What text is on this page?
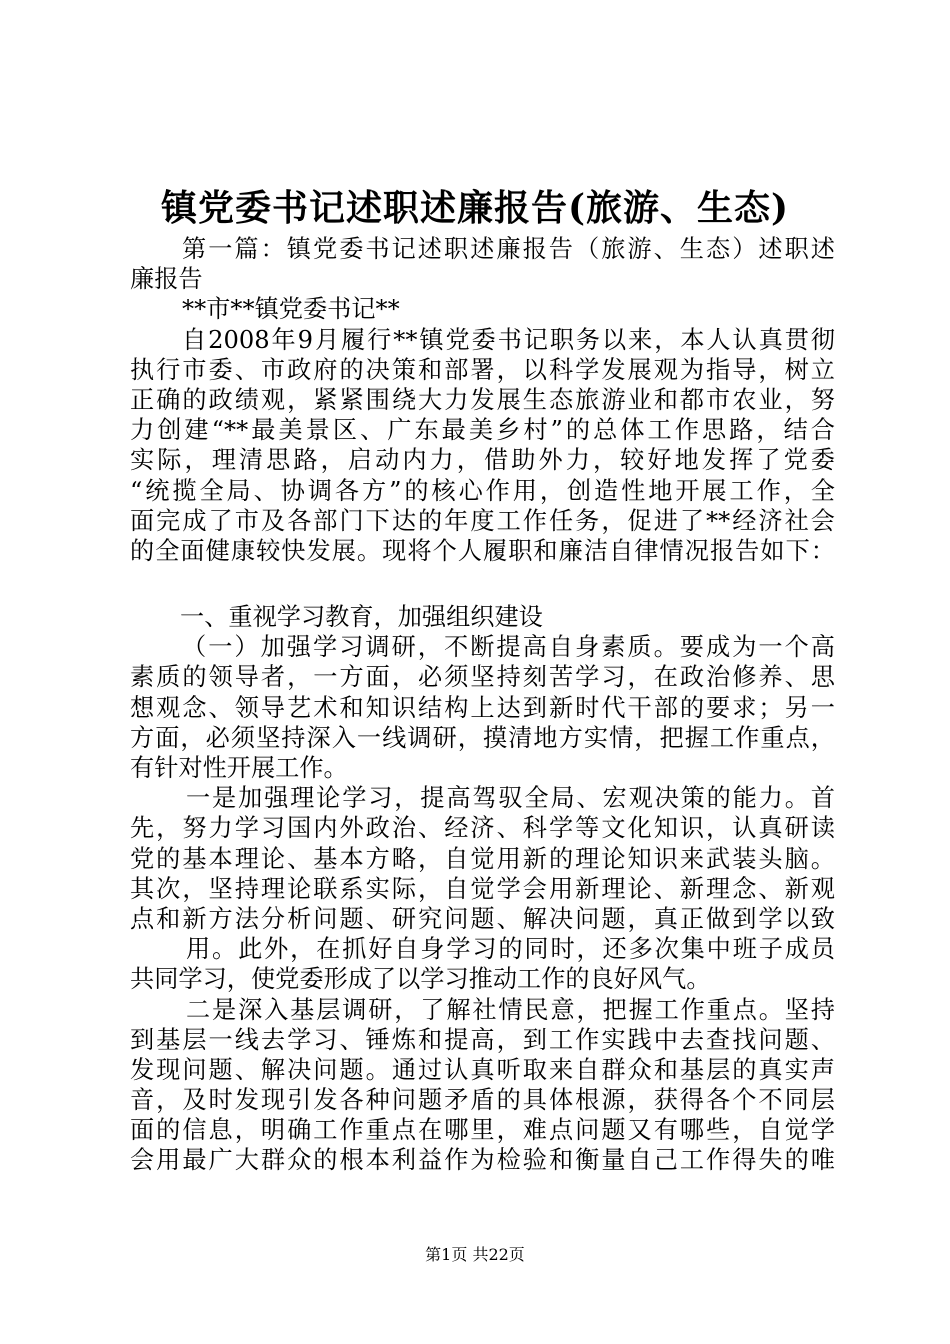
镇党委书记述职述廉报告(旅游、生态)
第一篇：镇党委书记述职述廉报告（旅游、生态）述职述
廉报告
**市**镇党委书记**
自2008年9月履行**镇党委书记职务以来，本人认真贯彻
执行市委、市政府的决策和部署，以科学发展观为指导，树立
正确的政绩观，紧紧围绕大力发展生态旅游业和都市农业，努
力创建“**最美景区、广东最美乡村”的总体工作思路，结合
实际，理清思路，启动内力，借助外力，较好地发挥了党委
“统揽全局、协调各方”的核心作用，创造性地开展工作，全
面完成了市及各部门下达的年度工作任务，促进了**经济社会
的全面健康较快发展。现将个人履职和廉洁自律情况报告如下：
一、重视学习教育，加强组织建设
（一）加强学习调研，不断提高自身素质。要成为一个高
素质的领导者，一方面，必须坚持刻苦学习，在政治修养、思
想观念、领导艺术和知识结构上达到新时代干部的要求；另一
方面，必须坚持深入一线调研，摸清地方实情，把握工作重点，
有针对性开展工作。
一是加强理论学习，提高驾驭全局、宏观决策的能力。首
先，努力学习国内外政治、经济、科学等文化知识，认真研读
党的基本理论、基本方略，自觉用新的理论知识来武装头脑。
其次，坚持理论联系实际，自觉学会用新理论、新理念、新观
点和新方法分析问题、研究问题、解决问题，真正做到学以致
用。此外，在抓好自身学习的同时，还多次集中班子成员
共同学习，使党委形成了以学习推动工作的良好风气。
二是深入基层调研，了解社情民意，把握工作重点。坚持
到基层一线去学习、锤炼和提高，到工作实践中去查找问题、
发现问题、解决问题。通过认真听取来自群众和基层的真实声
音，及时发现引发各种问题矛盾的具体根源，获得各个不同层
面的信息，明确工作重点在哪里，难点问题又有哪些，自觉学
会用最广大群众的根本利益作为检验和衡量自己工作得失的唯
第1页 共22页
